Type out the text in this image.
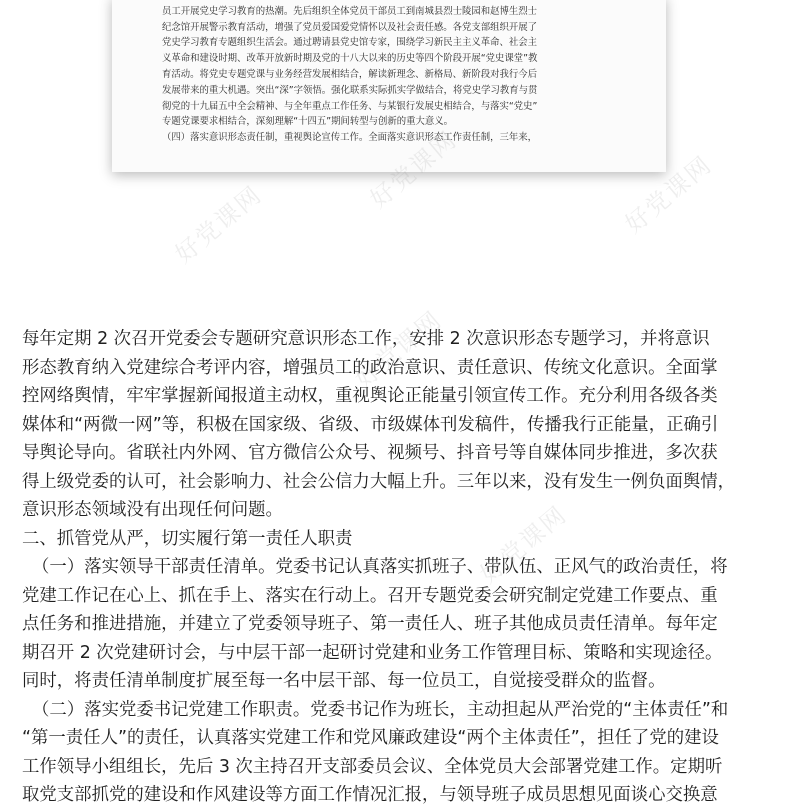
员工开展党史学习教育的热潮。先后组织全体党员干部员工到南城县烈士陵园和赵博生烈士
纪念馆开展警示教育活动，增强了党员爱国爱党情怀以及社会责任感。各党支部组织开展了
党史学习教育专题组织生活会。通过聘请县党史馆专家，围绕学习新民主主义革命、社会主
义革命和建设时期、改革开放新时期及党的十八大以来的历史等四个阶段开展“党史课堂”教
育活动。将党史专题党课与业务经营发展相结合，解读新理念、新格局、新阶段对我行今后
发展带来的重大机遇。突出“深”字领悟。强化联系实际抓实学做结合，将党史学习教育与贯
彻党的十九届五中全会精神、与全年重点工作任务、与某银行发展史相结合，与落实“党史”
专题党课要求相结合，深刻理解“十四五”期间转型与创新的重大意义。
（四）落实意识形态责任制，重视舆论宣传工作。全面落实意识形态工作责任制，三年来，
好党课网	好党课网
好党课网
好党课网
每年定期 2 次召开党委会专题研究意识形态工作，安排 2 次意识形态专题学习，并将意识
形态教育纳入党建综合考评内容，增强员工的政治意识、责任意识、传统文化意识。全面掌
控网络舆情，牢牢掌握新闻报道主动权，重视舆论正能量引领宣传工作。充分利用各级各类
媒体和“两微一网”等，积极在国家级、省级、市级媒体刊发稿件，传播我行正能量，正确引
导舆论导向。省联社内外网、官方微信公众号、视频号、抖音号等自媒体同步推进，多次获
得上级党委的认可，社会影响力、社会公信力大幅上升。三年以来，没有发生一例负面舆情，
意识形态领域没有出现任何问题。
二、抓管党从严，切实履行第一责任人职责
（一）落实领导干部责任清单。党委书记认真落实抓班子、带队伍、正风气的政治责任，将
党建工作记在心上、抓在手上、落实在行动上。召开专题党委会研究制定党建工作要点、重
点任务和推进措施，并建立了党委领导班子、第一责任人、班子其他成员责任清单。每年定
期召开 2 次党建研讨会，与中层干部一起研讨党建和业务工作管理目标、策略和实现途径。
同时，将责任清单制度扩展至每一名中层干部、每一位员工，自觉接受群众的监督。
（二）落实党委书记党建工作职责。党委书记作为班长，主动担起从严治党的“主体责任”和
“第一责任人”的责任，认真落实党建工作和党风廉政建设“两个主体责任”，担任了党的建设
工作领导小组组长，先后 3 次主持召开支部委员会议、全体党员大会部署党建工作。定期听
取党支部抓党的建设和作风建设等方面工作情况汇报，与领导班子成员思想见面谈心交换意
